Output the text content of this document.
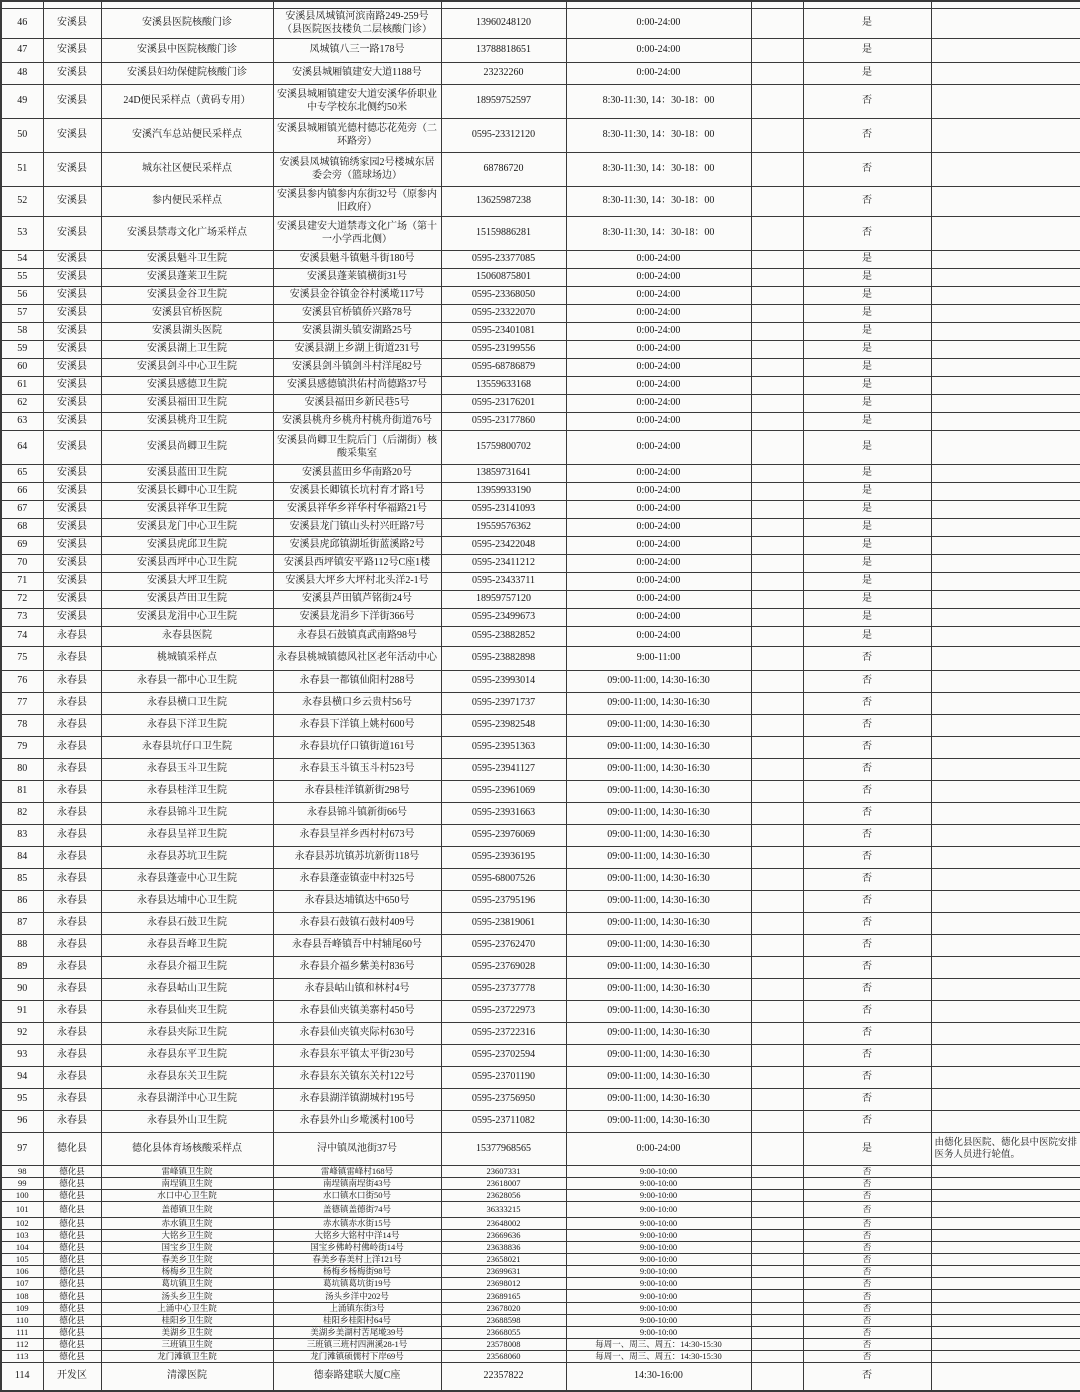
46	安溪县	安溪县医院核酸门诊	安溪县凤城镇河滨南路249-259号（县医院医技楼负二层核酸门诊）	13960248120	0:00-24:00		是	
47	安溪县	安溪县中医院核酸门诊	凤城镇八三一路178号	13788818651	0:00-24:00		是	
48	安溪县	安溪县妇幼保健院核酸门诊	安溪县城厢镇建安大道1188号	23232260	0:00-24:00		是	
49	安溪县	24D便民采样点（黄码专用）	安溪县城厢镇建安大道安溪华侨职业中专学校东北侧约50米	18959752597	8:30-11:30, 14：30-18：00		否	
50	安溪县	安溪汽车总站便民采样点	安溪县城厢镇光德村德芯花苑旁（二环路旁）	0595-23312120	8:30-11:30, 14：30-18：00		否	
51	安溪县	城东社区便民采样点	安溪县凤城镇锦绣家园2号楼城东居委会旁（篮球场边）	68786720	8:30-11:30, 14：30-18：00		否	
52	安溪县	参内便民采样点	安溪县参内镇参内东街32号（原参内旧政府）	13625987238	8:30-11:30, 14：30-18：00		否	
53	安溪县	安溪县禁毒文化广场采样点	安溪县建安大道禁毒文化广场（第十一小学西北侧）	15159886281	8:30-11:30, 14：30-18：00		否	
54	安溪县	安溪县魁斗卫生院	安溪县魁斗镇魁斗街180号	0595-23377085	0:00-24:00		是	
55	安溪县	安溪县蓬莱卫生院	安溪县蓬莱镇横街31号	15060875801	0:00-24:00		是	
56	安溪县	安溪县金谷卫生院	安溪县金谷镇金谷村溪墘117号	0595-23368050	0:00-24:00		是	
57	安溪县	安溪县官桥医院	安溪县官桥镇侨兴路78号	0595-23322070	0:00-24:00		是	
58	安溪县	安溪县湖头医院	安溪县湖头镇安湖路25号	0595-23401081	0:00-24:00		是	
59	安溪县	安溪县湖上卫生院	安溪县湖上乡湖上街道231号	0595-23199556	0:00-24:00		是	
60	安溪县	安溪县剑斗中心卫生院	安溪县剑斗镇剑斗村洋尾82号	0595-68786879	0:00-24:00		是	
61	安溪县	安溪县感德卫生院	安溪县感德镇洪佑村尚德路37号	13559633168	0:00-24:00		是	
62	安溪县	安溪县福田卫生院	安溪县福田乡新民巷5号	0595-23176201	0:00-24:00		是	
63	安溪县	安溪县桃舟卫生院	安溪县桃舟乡桃舟村桃舟街道76号	0595-23177860	0:00-24:00		是	
64	安溪县	安溪县尚卿卫生院	安溪县尚卿卫生院后门（后湖街）核酸采集室	15759800702	0:00-24:00		是	
65	安溪县	安溪县蓝田卫生院	安溪县蓝田乡华南路20号	13859731641	0:00-24:00		是	
66	安溪县	安溪县长卿中心卫生院	安溪县长卿镇长坑村育才路1号	13959933190	0:00-24:00		是	
67	安溪县	安溪县祥华卫生院	安溪县祥华乡祥华村华福路21号	0595-23141093	0:00-24:00		是	
68	安溪县	安溪县龙门中心卫生院	安溪县龙门镇山头村兴旺路7号	19559576362	0:00-24:00		是	
69	安溪县	安溪县虎邱卫生院	安溪县虎邱镇湖坵街蓝溪路2号	0595-23422048	0:00-24:00		是	
70	安溪县	安溪县西坪中心卫生院	安溪县西坪镇安平路112号C座1楼	0595-23411212	0:00-24:00		是	
71	安溪县	安溪县大坪卫生院	安溪县大坪乡大坪村北头洋2-1号	0595-23433711	0:00-24:00		是	
72	安溪县	安溪县芦田卫生院	安溪县芦田镇芦铭街24号	18959757120	0:00-24:00		是	
73	安溪县	安溪县龙涓中心卫生院	安溪县龙涓乡下洋街366号	0595-23499673	0:00-24:00		是	
74	永春县	永春县医院	永春县石鼓镇真武南路98号	0595-23882852	0:00-24:00		是	
75	永春县	桃城镇采样点	永春县桃城镇德风社区老年活动中心	0595-23882898	9:00-11:00		否	
76	永春县	永春县一都中心卫生院	永春县一都镇仙阳村288号	0595-23993014	09:00-11:00, 14:30-16:30		否	
77	永春县	永春县横口卫生院	永春县横口乡云贵村56号	0595-23971737	09:00-11:00, 14:30-16:30		否	
78	永春县	永春县下洋卫生院	永春县下洋镇上姚村600号	0595-23982548	09:00-11:00, 14:30-16:30		否	
79	永春县	永春县坑仔口卫生院	永春县坑仔口镇街道161号	0595-23951363	09:00-11:00, 14:30-16:30		否	
80	永春县	永春县玉斗卫生院	永春县玉斗镇玉斗村523号	0595-23941127	09:00-11:00, 14:30-16:30		否	
81	永春县	永春县桂洋卫生院	永春县桂洋镇新街298号	0595-23961069	09:00-11:00, 14:30-16:30		否	
82	永春县	永春县锦斗卫生院	永春县锦斗镇新街66号	0595-23931663	09:00-11:00, 14:30-16:30		否	
83	永春县	永春县呈祥卫生院	永春县呈祥乡西村村673号	0595-23976069	09:00-11:00, 14:30-16:30		否	
84	永春县	永春县苏坑卫生院	永春县苏坑镇苏坑新街118号	0595-23936195	09:00-11:00, 14:30-16:30		否	
85	永春县	永春县蓬壶中心卫生院	永春县蓬壶镇壶中村325号	0595-68007526	09:00-11:00, 14:30-16:30		否	
86	永春县	永春县达埔中心卫生院	永春县达埔镇达中650号	0595-23795196	09:00-11:00, 14:30-16:30		否	
87	永春县	永春县石鼓卫生院	永春县石鼓镇石鼓村409号	0595-23819061	09:00-11:00, 14:30-16:30		否	
88	永春县	永春县吾峰卫生院	永春县吾峰镇吾中村辅尾60号	0595-23762470	09:00-11:00, 14:30-16:30		否	
89	永春县	永春县介福卫生院	永春县介福乡紫美村836号	0595-23769028	09:00-11:00, 14:30-16:30		否	
90	永春县	永春县岵山卫生院	永春县岵山镇和林村4号	0595-23737778	09:00-11:00, 14:30-16:30		否	
91	永春县	永春县仙夹卫生院	永春县仙夹镇美寨村450号	0595-23722973	09:00-11:00, 14:30-16:30		否	
92	永春县	永春县夹际卫生院	永春县仙夹镇夹际村630号	0595-23722316	09:00-11:00, 14:30-16:30		否	
93	永春县	永春县东平卫生院	永春县东平镇太平街230号	0595-23702594	09:00-11:00, 14:30-16:30		否	
94	永春县	永春县东关卫生院	永春县东关镇东关村122号	0595-23701190	09:00-11:00, 14:30-16:30		否	
95	永春县	永春县湖洋中心卫生院	永春县湖洋镇湖城村195号	0595-23756950	09:00-11:00, 14:30-16:30		否	
96	永春县	永春县外山卫生院	永春县外山乡墘溪村100号	0595-23711082	09:00-11:00, 14:30-16:30		否	
97	德化县	德化县体育场核酸采样点	浔中镇凤池街37号	15377968565	0:00-24:00		是	由德化县医院、德化县中医院安排医务人员进行轮值。
98	德化县	雷峰镇卫生院	雷峰镇雷峰村168号	23607331	9:00-10:00		否	
99	德化县	南埕镇卫生院	南埕镇南埕街43号	23618007	9:00-10:00		否	
100	德化县	水口中心卫生院	水口镇水口街50号	23628056	9:00-10:00		否	
101	德化县	盖德镇卫生院	盖德镇盖德街74号	36333215	9:00-10:00		否	
102	德化县	赤水镇卫生院	赤水镇赤水街15号	23648002	9:00-10:00		否	
103	德化县	大铭乡卫生院	大铭乡大铭村中洋14号	23669636	9:00-10:00		否	
104	德化县	国宝乡卫生院	国宝乡佛岭村佛岭街14号	23638836	9:00-10:00		否	
105	德化县	春美乡卫生院	春美乡春美村上洋121号	23658021	9:00-10:00		否	
106	德化县	杨梅乡卫生院	杨梅乡杨梅街98号	23699631	9:00-10:00		否	
107	德化县	葛坑镇卫生院	葛坑镇葛坑街19号	23698012	9:00-10:00		否	
108	德化县	汤头乡卫生院	汤头乡洋中202号	23689165	9:00-10:00		否	
109	德化县	上涌中心卫生院	上涌镇东街3号	23678020	9:00-10:00		否	
110	德化县	桂阳乡卫生院	桂阳乡桂阳村64号	23688598	9:00-10:00		否	
111	德化县	美湖乡卫生院	美湖乡美湖村苦尾墘39号	23668055	9:00-10:00		否	
112	德化县	三班镇卫生院	三班镇三班村四洲溪28-1号	23578008	每周一、周三、周五：14:30-15:30		否	
113	德化县	龙门滩镇卫生院	龙门滩镇硕儒村下岸69号	23568060	每周一、周三、周五：14:30-15:30		否	
114	开发区	清濛医院	德泰路建联大厦C座	22357822	14:30-16:00		否	
